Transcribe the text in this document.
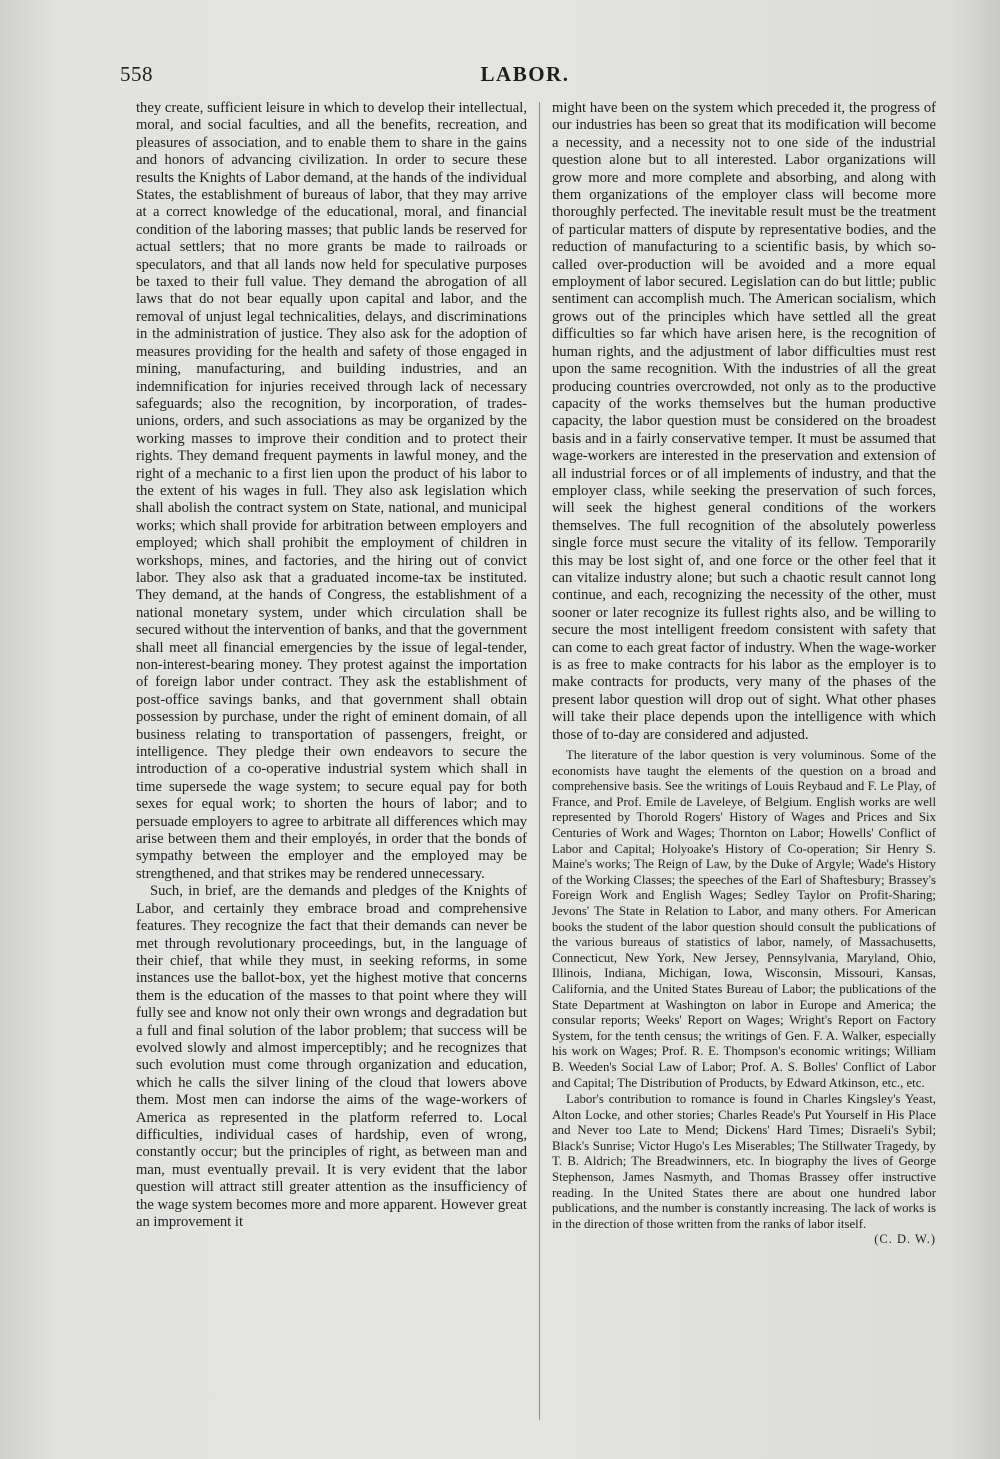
558	LABOR.

they create, sufficient leisure in which to develop their intellectual, moral, and social faculties, and all the benefits, recreation, and pleasures of association, and to enable them to share in the gains and honors of advancing civilization. In order to secure these results the Knights of Labor demand, at the hands of the individual States, the establishment of bureaus of labor, that they may arrive at a correct knowledge of the educational, moral, and financial condition of the laboring masses; that public lands be reserved for actual settlers; that no more grants be made to railroads or speculators, and that all lands now held for speculative purposes be taxed to their full value. They demand the abrogation of all laws that do not bear equally upon capital and labor, and the removal of unjust legal technicalities, delays, and discriminations in the administration of justice. They also ask for the adoption of measures providing for the health and safety of those engaged in mining, manufacturing, and building industries, and an indemnification for injuries received through lack of necessary safeguards; also the recognition, by incorporation, of trades-unions, orders, and such associations as may be organized by the working masses to improve their condition and to protect their rights. They demand frequent payments in lawful money, and the right of a mechanic to a first lien upon the product of his labor to the extent of his wages in full. They also ask legislation which shall abolish the contract system on State, national, and municipal works; which shall provide for arbitration between employers and employed; which shall prohibit the employment of children in workshops, mines, and factories, and the hiring out of convict labor. They also ask that a graduated income-tax be instituted. They demand, at the hands of Congress, the establishment of a national monetary system, under which circulation shall be secured without the intervention of banks, and that the government shall meet all financial emergencies by the issue of legal-tender, non-interest-bearing money. They protest against the importation of foreign labor under contract. They ask the establishment of post-office savings banks, and that government shall obtain possession by purchase, under the right of eminent domain, of all business relating to transportation of passengers, freight, or intelligence. They pledge their own endeavors to secure the introduction of a co-operative industrial system which shall in time supersede the wage system; to secure equal pay for both sexes for equal work; to shorten the hours of labor; and to persuade employers to agree to arbitrate all differences which may arise between them and their employés, in order that the bonds of sympathy between the employer and the employed may be strengthened, and that strikes may be rendered unnecessary.

Such, in brief, are the demands and pledges of the Knights of Labor, and certainly they embrace broad and comprehensive features. They recognize the fact that their demands can never be met through revolutionary proceedings, but, in the language of their chief, that while they must, in seeking reforms, in some instances use the ballot-box, yet the highest motive that concerns them is the education of the masses to that point where they will fully see and know not only their own wrongs and degradation but a full and final solution of the labor problem; that success will be evolved slowly and almost imperceptibly; and he recognizes that such evolution must come through organization and education, which he calls the silver lining of the cloud that lowers above them. Most men can indorse the aims of the wage-workers of America as represented in the platform referred to. Local difficulties, individual cases of hardship, even of wrong, constantly occur; but the principles of right, as between man and man, must eventually prevail. It is very evident that the labor question will attract still greater attention as the insufficiency of the wage system becomes more and more apparent. However great an improvement it

might have been on the system which preceded it, the progress of our industries has been so great that its modification will become a necessity, and a necessity not to one side of the industrial question alone but to all interested. Labor organizations will grow more and more complete and absorbing, and along with them organizations of the employer class will become more thoroughly perfected. The inevitable result must be the treatment of particular matters of dispute by representative bodies, and the reduction of manufacturing to a scientific basis, by which so-called over-production will be avoided and a more equal employment of labor secured. Legislation can do but little; public sentiment can accomplish much. The American socialism, which grows out of the principles which have settled all the great difficulties so far which have arisen here, is the recognition of human rights, and the adjustment of labor difficulties must rest upon the same recognition. With the industries of all the great producing countries overcrowded, not only as to the productive capacity of the works themselves but the human productive capacity, the labor question must be considered on the broadest basis and in a fairly conservative temper. It must be assumed that wage-workers are interested in the preservation and extension of all industrial forces or of all implements of industry, and that the employer class, while seeking the preservation of such forces, will seek the highest general conditions of the workers themselves. The full recognition of the absolutely powerless single force must secure the vitality of its fellow. Temporarily this may be lost sight of, and one force or the other feel that it can vitalize industry alone; but such a chaotic result cannot long continue, and each, recognizing the necessity of the other, must sooner or later recognize its fullest rights also, and be willing to secure the most intelligent freedom consistent with safety that can come to each great factor of industry. When the wage-worker is as free to make contracts for his labor as the employer is to make contracts for products, very many of the phases of the present labor question will drop out of sight. What other phases will take their place depends upon the intelligence with which those of to-day are considered and adjusted.

The literature of the labor question is very voluminous. Some of the economists have taught the elements of the question on a broad and comprehensive basis. See the writings of Louis Reybaud and F. Le Play, of France, and Prof. Emile de Laveleye, of Belgium. English works are well represented by Thorold Rogers' History of Wages and Prices and Six Centuries of Work and Wages; Thornton on Labor; Howells' Conflict of Labor and Capital; Holyoake's History of Co-operation; Sir Henry S. Maine's works; The Reign of Law, by the Duke of Argyle; Wade's History of the Working Classes; the speeches of the Earl of Shaftesbury; Brassey's Foreign Work and English Wages; Sedley Taylor on Profit-Sharing; Jevons' The State in Relation to Labor, and many others. For American books the student of the labor question should consult the publications of the various bureaus of statistics of labor, namely, of Massachusetts, Connecticut, New York, New Jersey, Pennsylvania, Maryland, Ohio, Illinois, Indiana, Michigan, Iowa, Wisconsin, Missouri, Kansas, California, and the United States Bureau of Labor; the publications of the State Department at Washington on labor in Europe and America; the consular reports; Weeks' Report on Wages; Wright's Report on Factory System, for the tenth census; the writings of Gen. F. A. Walker, especially his work on Wages; Prof. R. E. Thompson's economic writings; William B. Weeden's Social Law of Labor; Prof. A. S. Bolles' Conflict of Labor and Capital; The Distribution of Products, by Edward Atkinson, etc., etc.

Labor's contribution to romance is found in Charles Kingsley's Yeast, Alton Locke, and other stories; Charles Reade's Put Yourself in His Place and Never too Late to Mend; Dickens' Hard Times; Disraeli's Sybil; Black's Sunrise; Victor Hugo's Les Miserables; The Stillwater Tragedy, by T. B. Aldrich; The Breadwinners, etc. In biography the lives of George Stephenson, James Nasmyth, and Thomas Brassey offer instructive reading. In the United States there are about one hundred labor publications, and the number is constantly increasing. The lack of works is in the direction of those written from the ranks of labor itself.

(C. D. W.)
